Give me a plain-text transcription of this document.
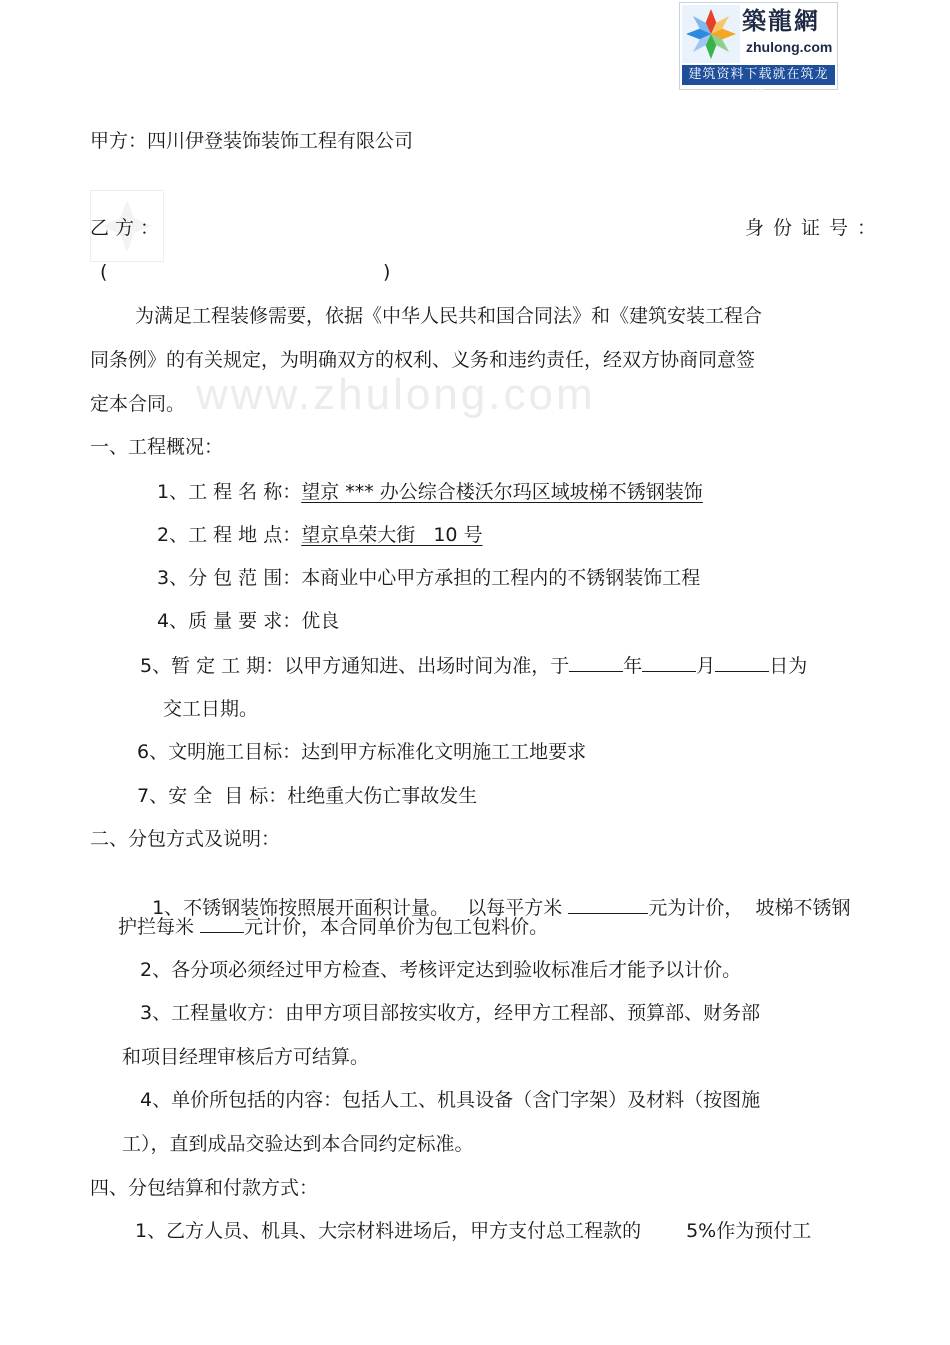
築龍網
zhulong.com
建筑资料下载就在筑龙网
www.zhulong.com
甲方：四川伊登装饰装饰工程有限公司
乙方：	身份证号：
(	)
为满足工程装修需要，依据《中华人民共和国合同法》和《建筑安装工程合
同条例》的有关规定，为明确双方的权利、义务和违约责任，经双方协商同意签
定本合同。
一、工程概况：
1、工 程 名 称：望京 *** 办公综合楼沃尔玛区域坡梯不锈钢装饰
2、工 程 地 点：望京阜荣大街   10 号
3、分 包 范 围：本商业中心甲方承担的工程内的不锈钢装饰工程
4、质 量 要 求：优良
5、暂 定 工 期：以甲方通知进、出场时间为准，于	年	月	日为
交工日期。
6、文明施工目标：达到甲方标准化文明施工工地要求
7、安 全  目 标：杜绝重大伤亡事故发生
二、分包方式及说明：

1、不锈钢装饰按照展开面积计量。   以每平方米	元为计价，  坡梯不锈钢

护拦每米	元计价，本合同单价为包工包料价。
2、各分项必须经过甲方检查、考核评定达到验收标准后才能予以计价。
3、工程量收方：由甲方项目部按实收方，经甲方工程部、预算部、财务部
和项目经理审核后方可结算。
4、单价所包括的内容：包括人工、机具设备（含门字架）及材料（按图施
工），直到成品交验达到本合同约定标准。
四、分包结算和付款方式：
1、乙方人员、机具、大宗材料进场后，甲方支付总工程款的 5%作为预付工
